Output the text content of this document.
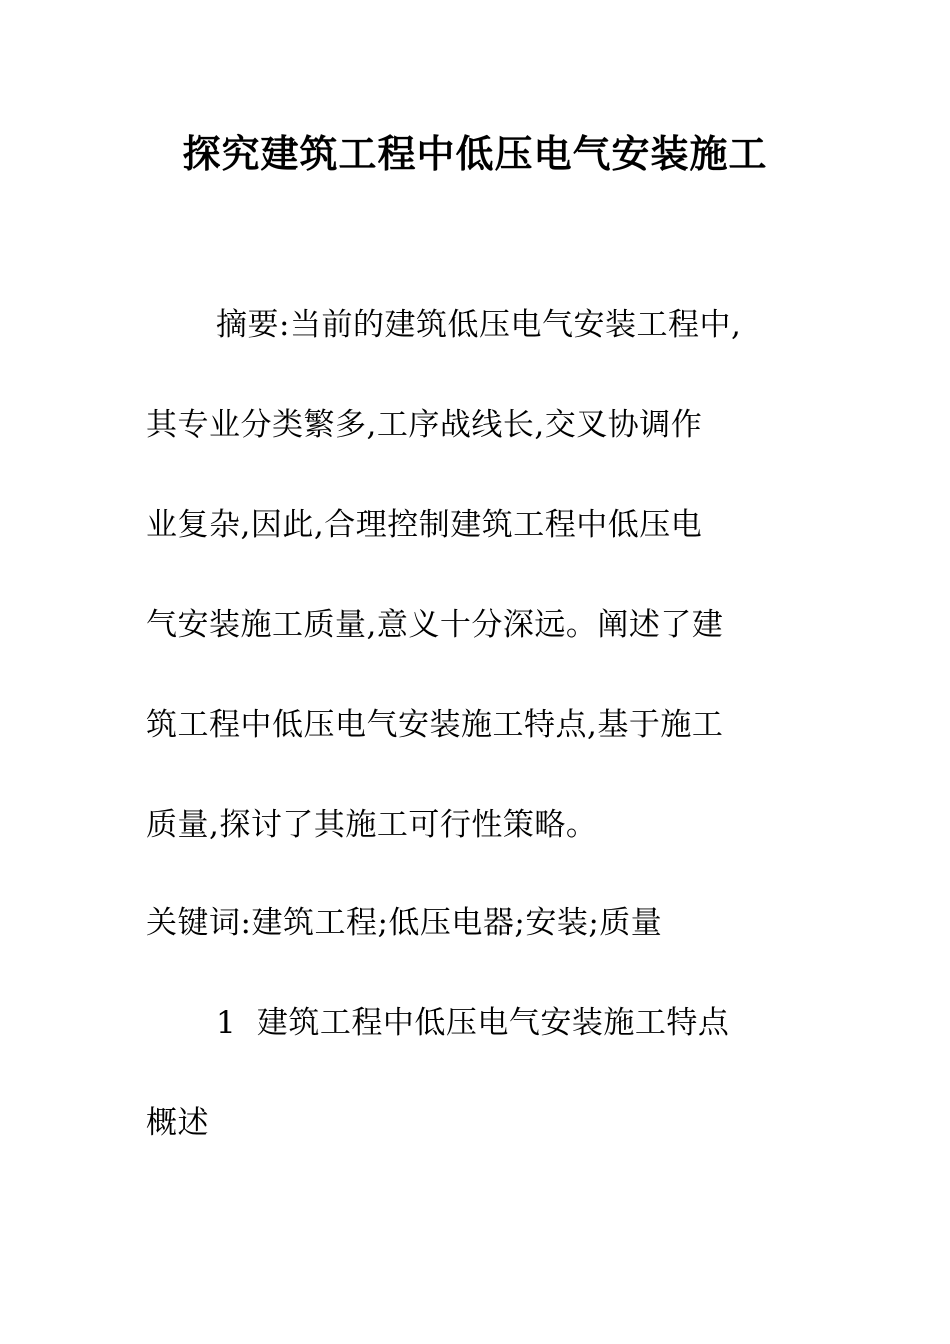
探究建筑工程中低压电气安装施工
摘要:当前的建筑低压电气安装工程中,
其专业分类繁多,工序战线长,交叉协调作
业复杂,因此,合理控制建筑工程中低压电
气安装施工质量,意义十分深远。阐述了建
筑工程中低压电气安装施工特点,基于施工
质量,探讨了其施工可行性策略。
关键词:建筑工程;低压电器;安装;质量
1  建筑工程中低压电气安装施工特点
概述
